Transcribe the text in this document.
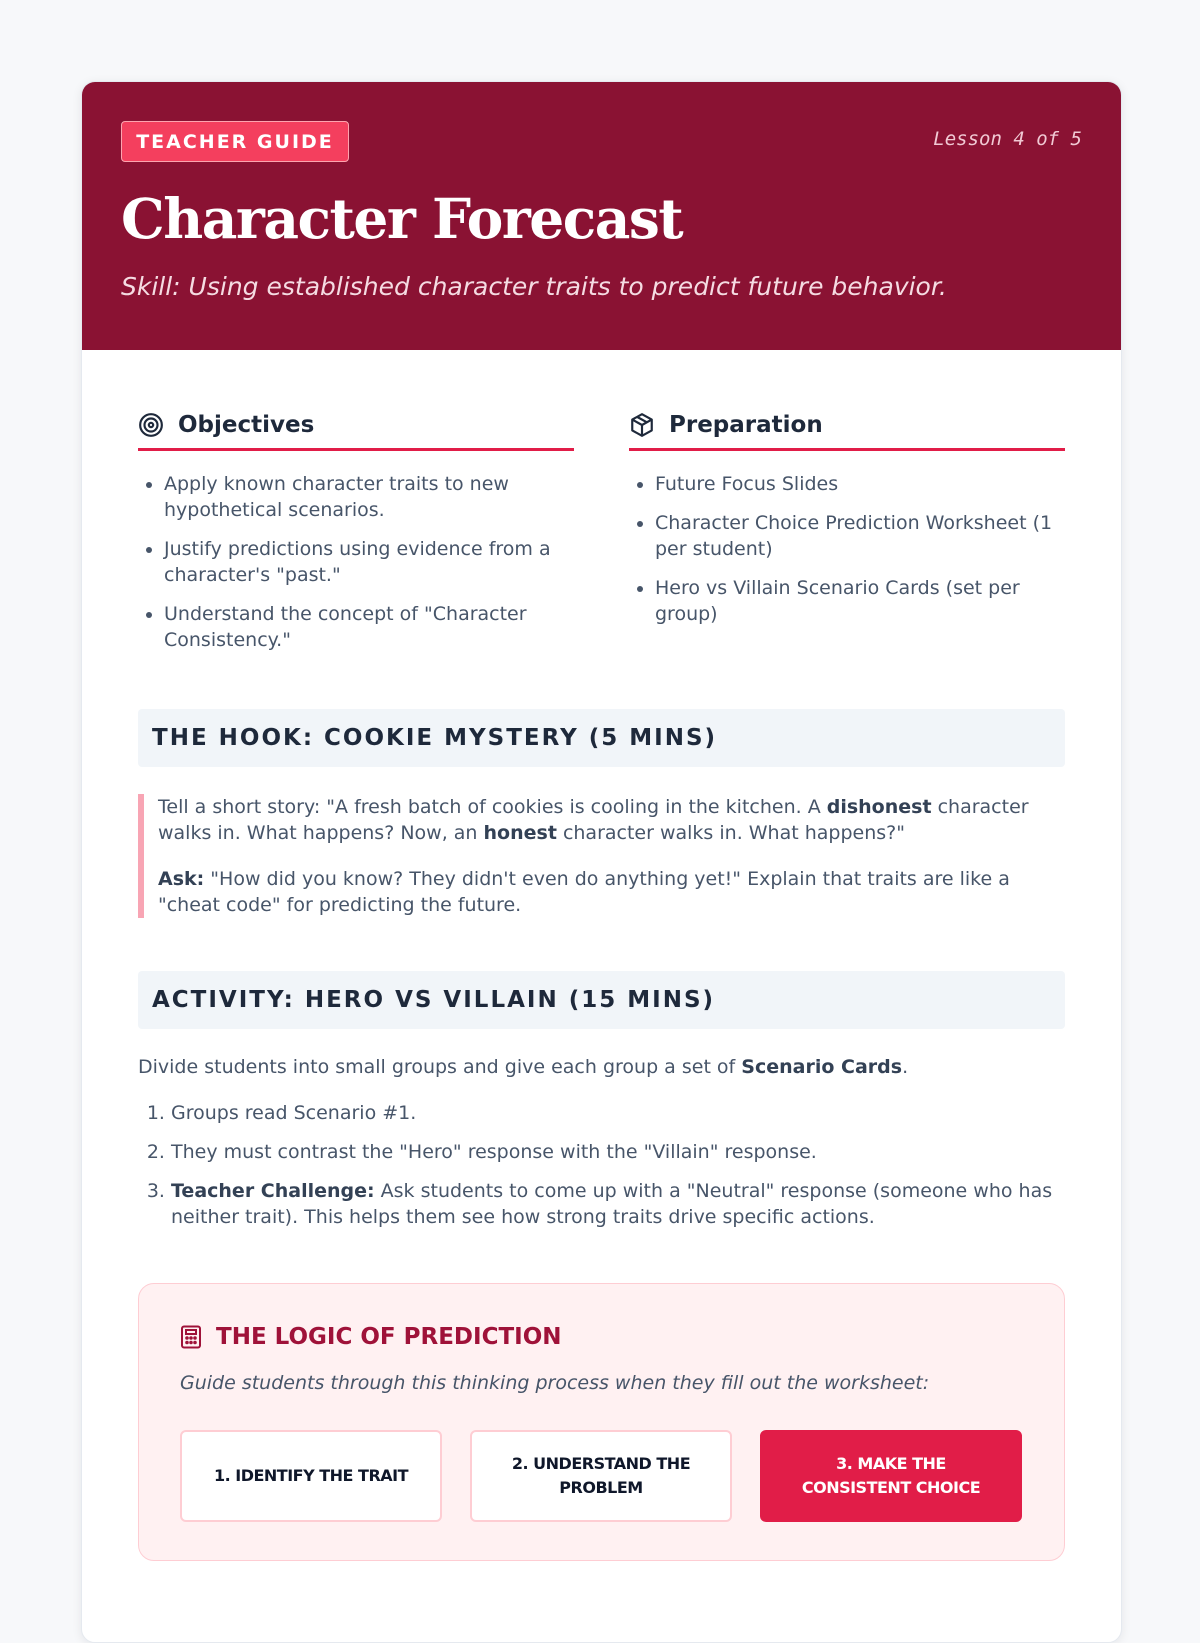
TEACHER GUIDE	Lesson 4 of 5
Character Forecast
Skill: Using established character traits to predict future behavior.
Objectives
• Apply known character traits to new hypothetical scenarios.
• Justify predictions using evidence from a character's "past."
• Understand the concept of "Character Consistency."
Preparation
• Future Focus Slides
• Character Choice Prediction Worksheet (1 per student)
• Hero vs Villain Scenario Cards (set per group)
THE HOOK: COOKIE MYSTERY (5 MINS)

Tell a short story: "A fresh batch of cookies is cooling in the kitchen. A dishonest character walks in. What happens? Now, an honest character walks in. What happens?"

Ask: "How did you know? They didn't even do anything yet!" Explain that traits are like a "cheat code" for predicting the future.

ACTIVITY: HERO VS VILLAIN (15 MINS)
Divide students into small groups and give each group a set of Scenario Cards.
1. Groups read Scenario #1.
2. They must contrast the "Hero" response with the "Villain" response.
3. Teacher Challenge: Ask students to come up with a "Neutral" response (someone who has neither trait). This helps them see how strong traits drive specific actions.
THE LOGIC OF PREDICTION
Guide students through this thinking process when they fill out the worksheet:
1. IDENTIFY THE TRAIT
2. UNDERSTAND THE PROBLEM
3. MAKE THE CONSISTENT CHOICE
